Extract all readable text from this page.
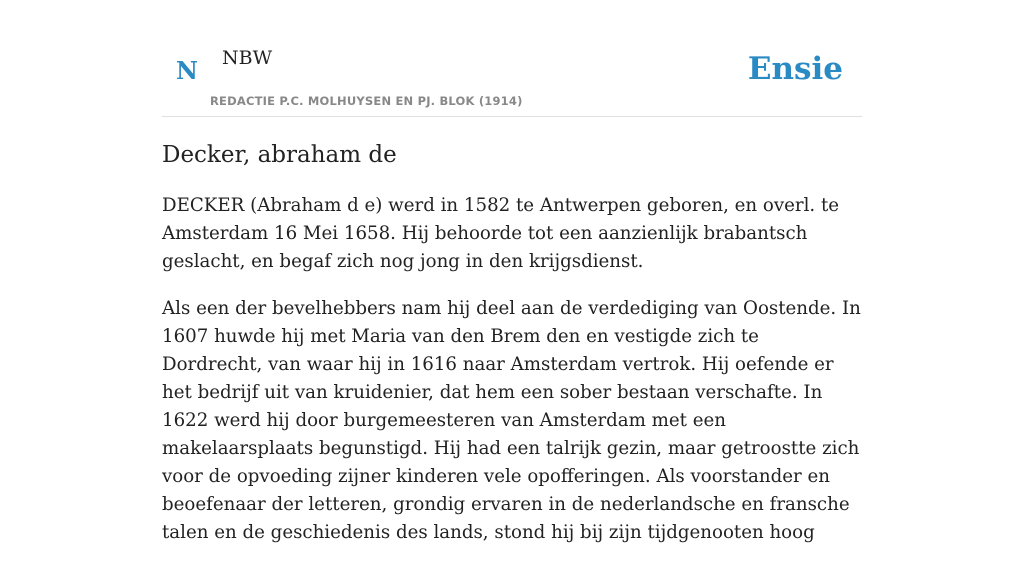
N NBW
REDACTIE P.C. MOLHUYSEN EN PJ. BLOK (1914)
Ensie
Decker, abraham de

DECKER (Abraham d e) werd in 1582 te Antwerpen geboren, en overl. te Amsterdam 16 Mei 1658. Hij behoorde tot een aanzienlijk brabantsch geslacht, en begaf zich nog jong in den krijgsdienst.

Als een der bevelhebbers nam hij deel aan de verdediging van Oostende. In 1607 huwde hij met Maria van den Brem den en vestigde zich te Dordrecht, van waar hij in 1616 naar Amsterdam vertrok. Hij oefende er het bedrijf uit van kruidenier, dat hem een sober bestaan verschafte. In 1622 werd hij door burgemeesteren van Amsterdam met een makelaarsplaats begunstigd. Hij had een talrijk gezin, maar getroostte zich voor de opvoeding zijner kinderen vele opofferingen. Als voorstander en beoefenaar der letteren, grondig ervaren in de nederlandsche en fransche talen en de geschiedenis des lands, stond hij bij zijn tijdgenooten hoog
